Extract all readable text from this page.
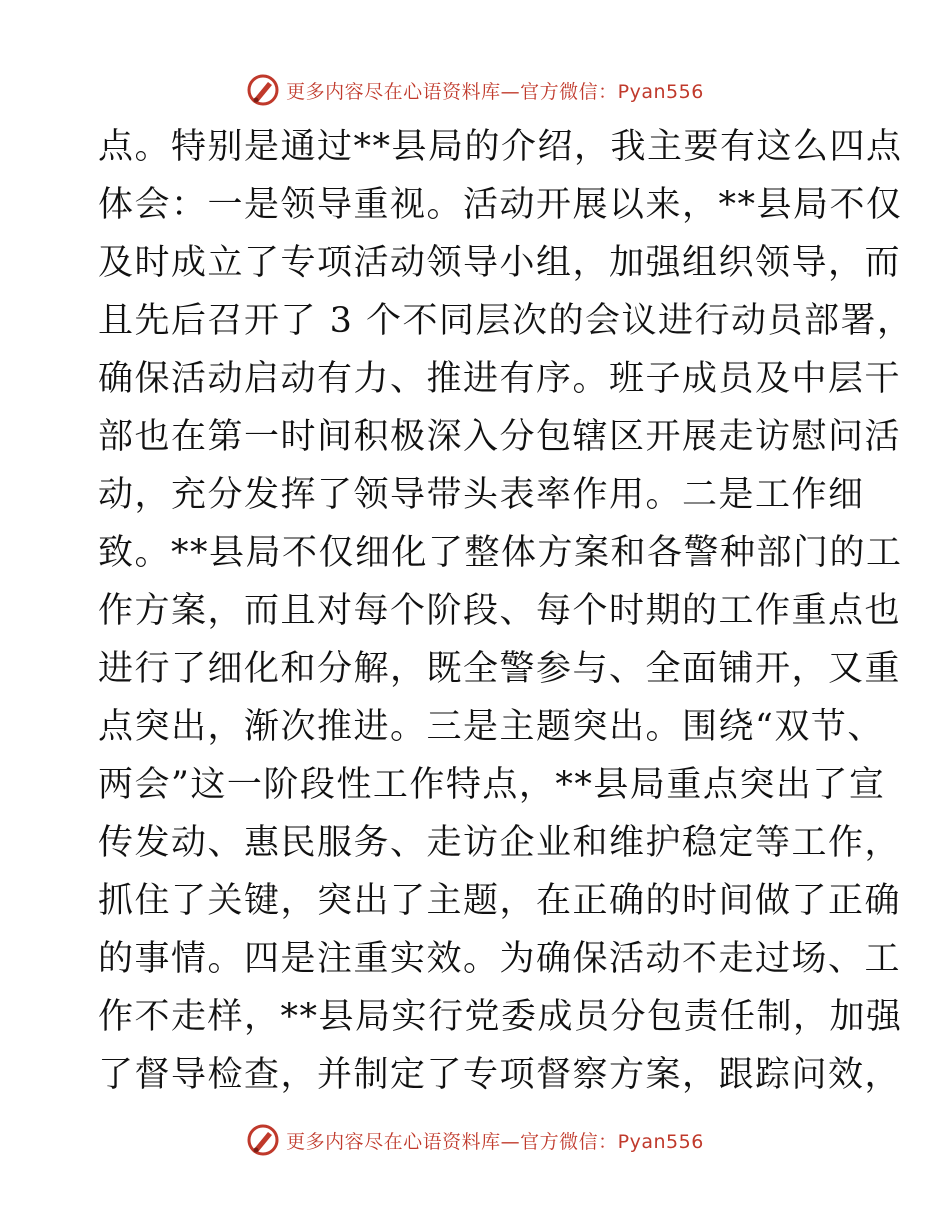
更多内容尽在心语资料库—官方微信：Pyan556
点。特别是通过**县局的介绍，我主要有这么四点
体会：一是领导重视。活动开展以来，**县局不仅
及时成立了专项活动领导小组，加强组织领导，而
且先后召开了 3 个不同层次的会议进行动员部署，
确保活动启动有力、推进有序。班子成员及中层干
部也在第一时间积极深入分包辖区开展走访慰问活
动，充分发挥了领导带头表率作用。二是工作细
致。**县局不仅细化了整体方案和各警种部门的工
作方案，而且对每个阶段、每个时期的工作重点也
进行了细化和分解，既全警参与、全面铺开，又重
点突出，渐次推进。三是主题突出。围绕“双节、
两会”这一阶段性工作特点，**县局重点突出了宣
传发动、惠民服务、走访企业和维护稳定等工作，
抓住了关键，突出了主题，在正确的时间做了正确
的事情。四是注重实效。为确保活动不走过场、工
作不走样，**县局实行党委成员分包责任制，加强
了督导检查，并制定了专项督察方案，跟踪问效，
更多内容尽在心语资料库—官方微信：Pyan556
